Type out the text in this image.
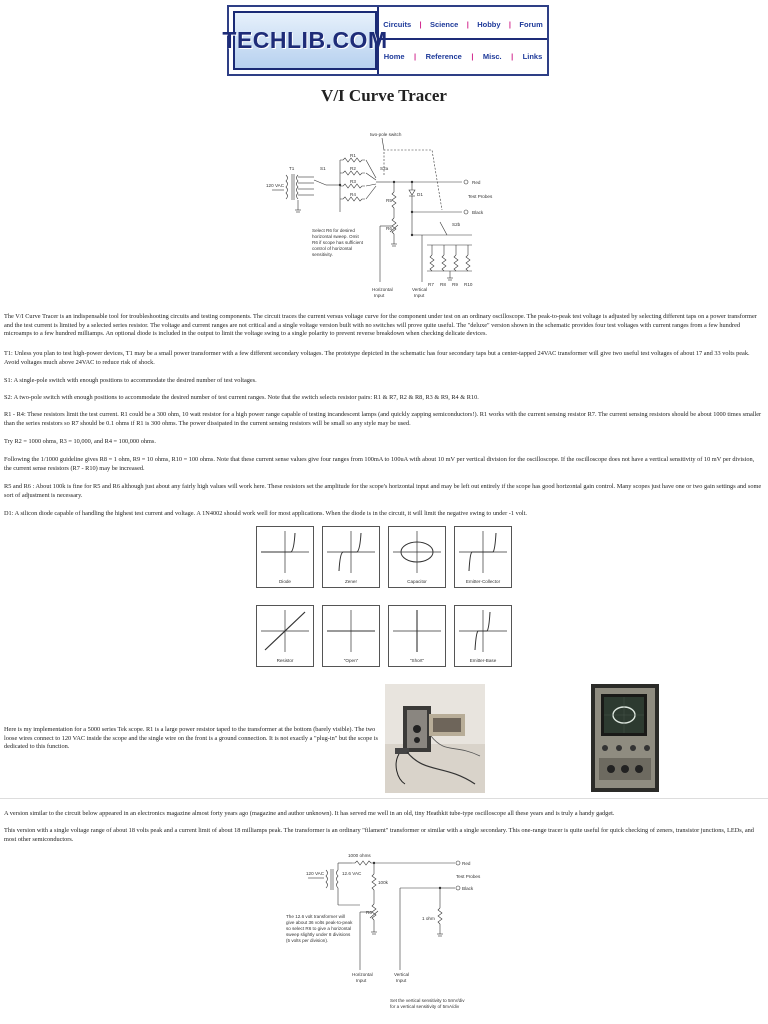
TECHLIB.COM
Circuits | Science | Hobby | Forum
Home | Reference | Misc. | Links
V/I Curve Tracer
two-pole switch
120 VAC
T1	S1
R1
R2
R3
R4
S2a
R5
R6
D1
Red
Test Probes
Black
S2b
R7 R8 R9 R10
Select R6 for desired
horizontal sweep. Omit
R6 if scope has sufficient
control of horizontal
sensitivity.
Horizontal
Input
Vertical
Input

The V/I Curve Tracer is an indispensable tool for troubleshooting circuits and testing components. The circuit traces the current versus voltage curve for the component under test on an ordinary oscilloscope. The peak-to-peak test voltage is adjusted by selecting different taps on a power transformer and the test current is limited by a selected series resistor. The voltage and current ranges are not critical and a single voltage version built with no switches will prove quite useful. The "deluxe" version shown in the schematic provides four test voltages with current ranges from a few hundred microamps to a few hundred milliamps. An optional diode is included in the output to limit the voltage swing to a single polarity to prevent reverse breakdown when checking delicate devices.

T1: Unless you plan to test high-power devices, T1 may be a small power transformer with a few different secondary voltages. The prototype depicted in the schematic has four secondary taps but a center-tapped 24VAC transformer will give two useful test voltages of about 17 and 33 volts peak. Avoid voltages much above 24VAC to reduce risk of shock.

S1: A single-pole switch with enough positions to accommodate the desired number of test voltages.

S2: A two-pole switch with enough positions to accommodate the desired number of test current ranges. Note that the switch selects resistor pairs: R1 & R7, R2 & R8, R3 & R9, R4 & R10.

R1 - R4: These resistors limit the test current. R1 could be a 300 ohm, 10 watt resistor for a high power range capable of testing incandescent lamps (and quickly zapping semiconductors!). R1 works with the current sensing resistor R7. The current sensing resistors should be about 1000 times smaller than the series resistors so R7 should be 0.1 ohms if R1 is 300 ohms. The power dissipated in the current sensing resistors will be small so any style may be used.

Try R2 = 1000 ohms, R3 = 10,000, and R4 = 100,000 ohms.

Following the 1/1000 guideline gives R8 = 1 ohm, R9 = 10 ohms, R10 = 100 ohms. Note that these current sense values give four ranges from 100mA to 100uA with about 10 mV per vertical division for the oscilloscope. If the oscilloscope does not have a vertical sensitivity of 10 mV per division, the current sense resistors (R7 - R10) may be increased.

R5 and R6 : About 100k is fine for R5 and R6 although just about any fairly high values will work here. These resistors set the amplitude for the scope's horizontal input and may be left out entirely if the scope has good horizontal gain control. Many scopes just have one or two gain settings and some sort of adjustment is necessary.

D1: A silicon diode capable of handling the highest test current and voltage. A 1N4002 should work well for most applications. When the diode is in the circuit, it will limit the negative swing to under -1 volt.

Diode	Zener	Capacitor	Emitter-Collector
Resistor	"Open"	"Short"	Emitter-Base

Here is my implementation for a 5000 series Tek scope. R1 is a large power resistor taped to the transformer at the bottom (barely visible). The two loose wires connect to 120 VAC inside the scope and the single wire on the front is a ground connection. It is not exactly a "plug-in" but the scope is dedicated to this function.

A version similar to the circuit below appeared in an electronics magazine almost forty years ago (magazine and author unknown). It has served me well in an old, tiny Heathkit tube-type oscilloscope all these years and is truly a handy gadget.

This version with a single voltage range of about 18 volts peak and a current limit of about 18 milliamps peak. The transformer is an ordinary "filament" transformer or similar with a single secondary. This one-range tracer is quite useful for quick checking of zeners, transistor junctions, LEDs, and most other semiconductors.

1000 ohms
120 VAC	12.6 VAC
100k
R6
1 ohm
Red
Test Probes
Black
The 12.6 volt transformer will
give about 36 volts peak-to-peak
so select R6 to give a horizontal
sweep slightly under 8 divisions
(5 volts per division).
Horizontal
Input
Vertical
Input
Set the vertical sensitivity to 5mV/div
for a vertical sensitivity of 5mA/div
